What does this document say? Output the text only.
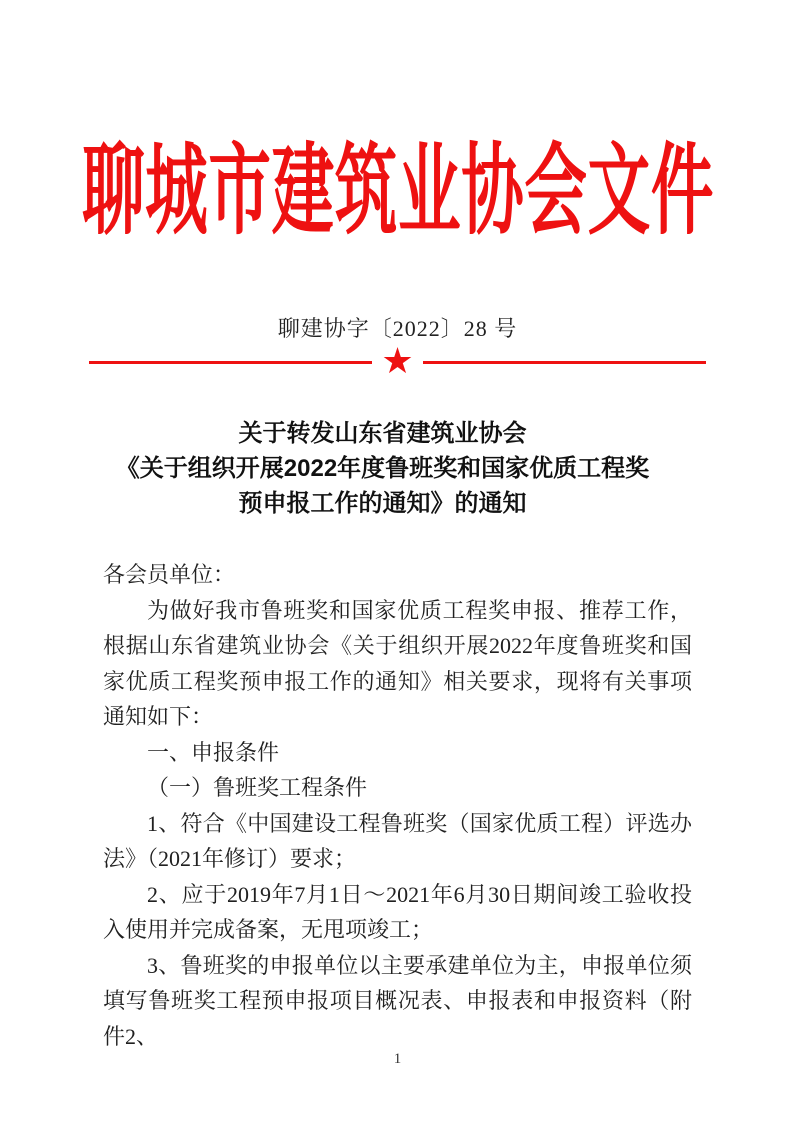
聊城市建筑业协会文件
聊建协字〔2022〕28 号
★
关于转发山东省建筑业协会
《关于组织开展2022年度鲁班奖和国家优质工程奖
预申报工作的通知》的通知

各会员单位：

为做好我市鲁班奖和国家优质工程奖申报、推荐工作，根据山东省建筑业协会《关于组织开展2022年度鲁班奖和国家优质工程奖预申报工作的通知》相关要求，现将有关事项通知如下：

一、申报条件

（一）鲁班奖工程条件

1、符合《中国建设工程鲁班奖（国家优质工程）评选办法》（2021年修订）要求；

2、应于2019年7月1日～2021年6月30日期间竣工验收投入使用并完成备案，无甩项竣工；

3、鲁班奖的申报单位以主要承建单位为主，申报单位须填写鲁班奖工程预申报项目概况表、申报表和申报资料（附件2、

1
